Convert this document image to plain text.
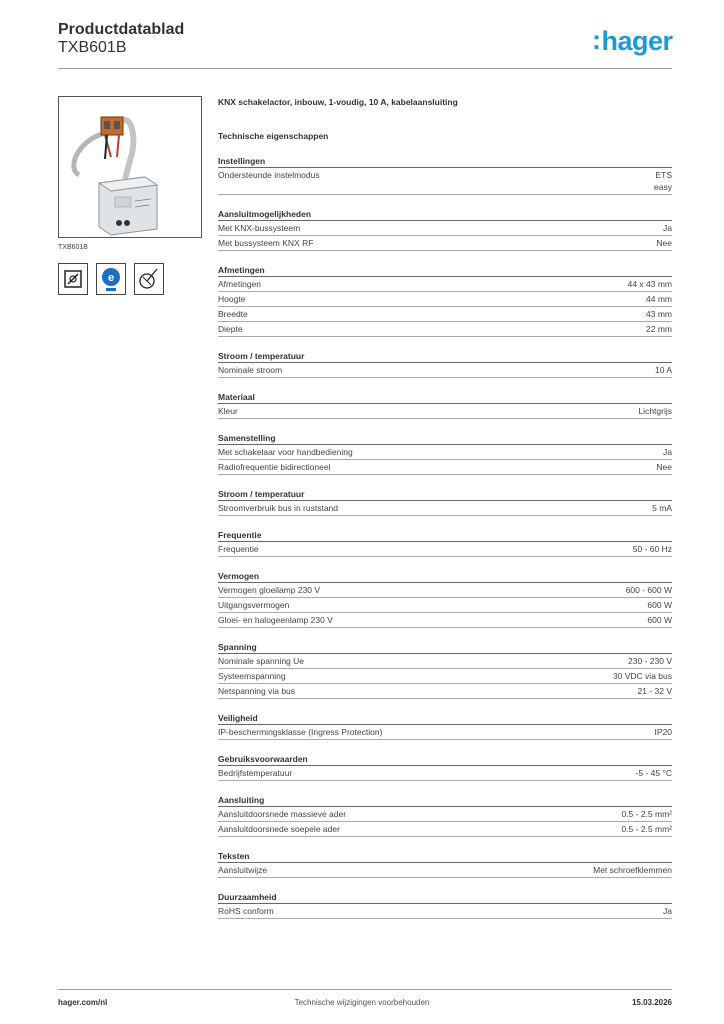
Productdatablad
TXB601B	:hager
TXB601B
e
KNX schakelactor, inbouw, 1-voudig, 10 A, kabelaansluiting
Technische eigenschappen
Instellingen
Ondersteunde instelmodus	ETS
easy
Aansluitmogelijkheden
Met KNX-bussysteem	Ja
Met bussysteem KNX RF	Nee
Afmetingen
Afmetingen	44 x 43 mm
Hoogte	44 mm
Breedte	43 mm
Diepte	22 mm
Stroom / temperatuur
Nominale stroom	10 A
Materiaal
Kleur	Lichtgrijs
Samenstelling
Met schakelaar voor handbediening	Ja
Radiofrequentie bidirectioneel	Nee
Stroom / temperatuur
Stroomverbruik bus in ruststand	5 mA
Frequentie
Frequentie	50 - 60 Hz
Vermogen
Vermogen gloeilamp 230 V	600 - 600 W
Uitgangsvermogen	600 W
Gloei- en halogeenlamp 230 V	600 W
Spanning
Nominale spanning Ue	230 - 230 V
Systeemspanning	30 VDC via bus
Netspanning via bus	21 - 32 V
Veiligheid
IP-beschermingsklasse (Ingress Protection)	IP20
Gebruiksvoorwaarden
Bedrijfstemperatuur	-5 - 45 °C
Aansluiting
Aansluitdoorsnede massieve ader	0.5 - 2.5 mm²
Aansluitdoorsnede soepele ader	0.5 - 2.5 mm²
Teksten
Aansluitwijze	Met schroefklemmen
Duurzaamheid
RoHS conform	Ja
hager.com/nl	Technische wijzigingen voorbehouden	15.03.2026
